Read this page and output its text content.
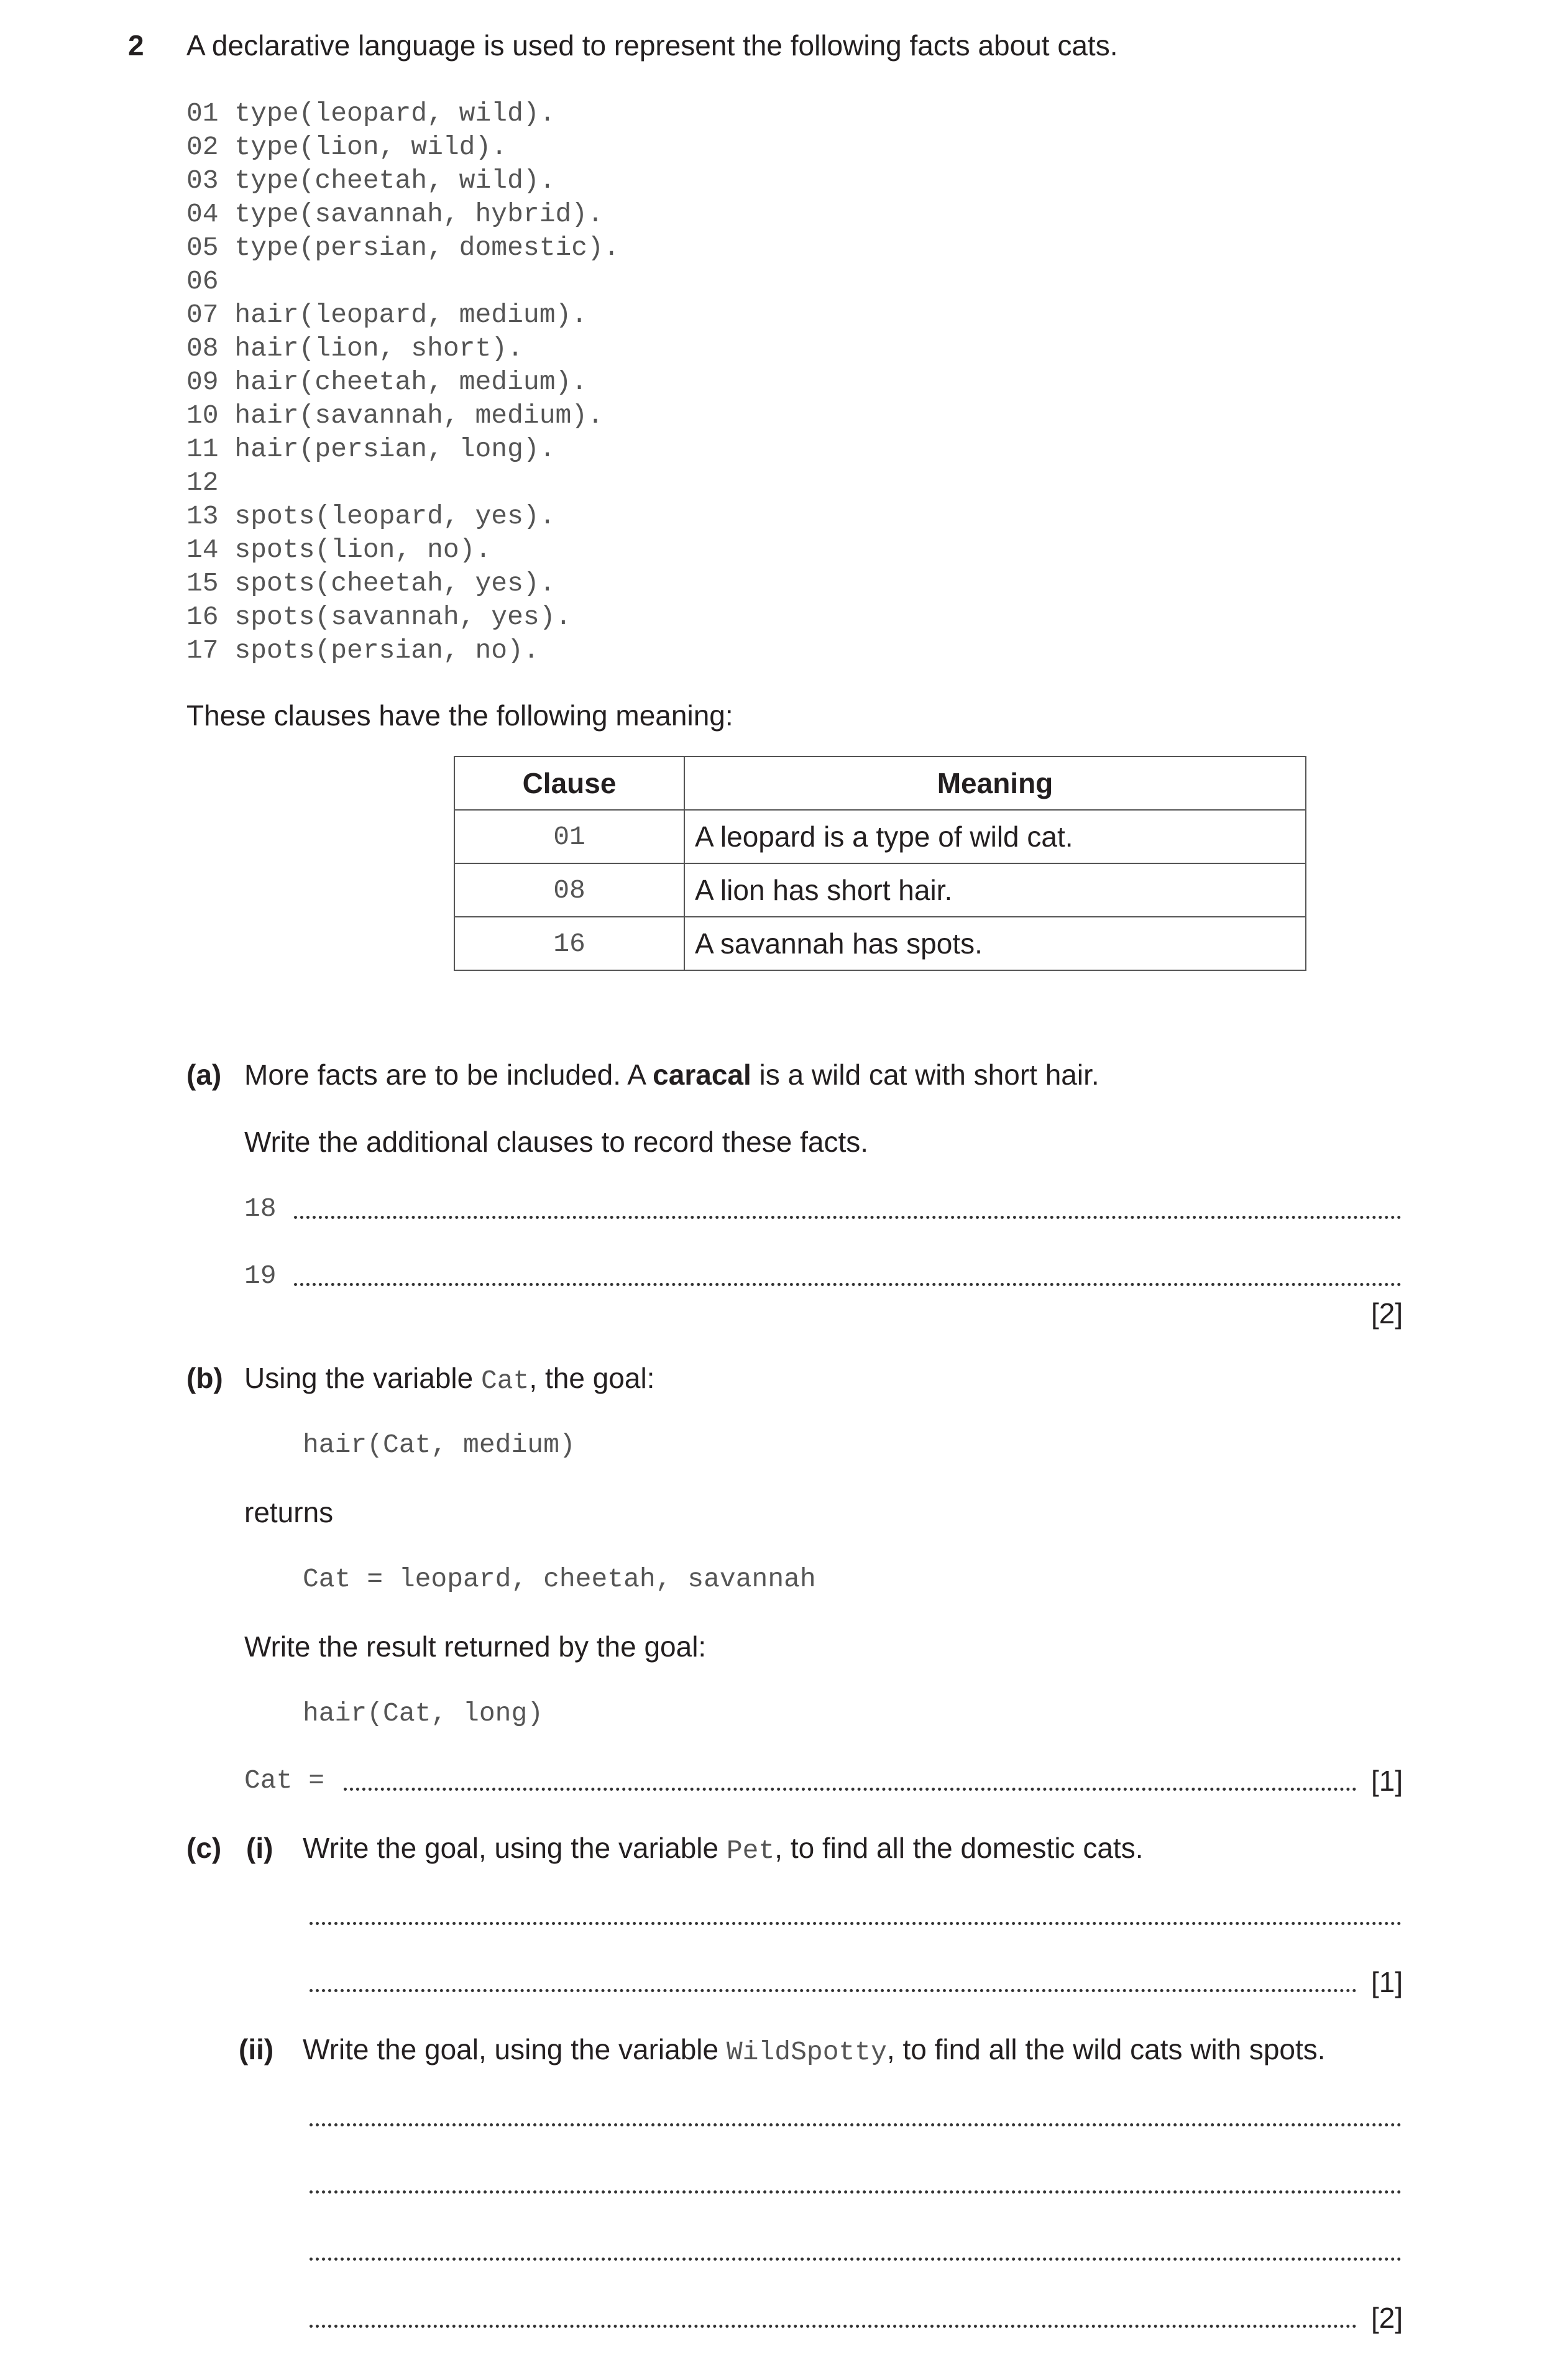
2 A declarative language is used to represent the following facts about cats.
01 type(leopard, wild).
02 type(lion, wild).
03 type(cheetah, wild).
04 type(savannah, hybrid).
05 type(persian, domestic).
06
07 hair(leopard, medium).
08 hair(lion, short).
09 hair(cheetah, medium).
10 hair(savannah, medium).
11 hair(persian, long).
12
13 spots(leopard, yes).
14 spots(lion, no).
15 spots(cheetah, yes).
16 spots(savannah, yes).
17 spots(persian, no).
These clauses have the following meaning:
Clause	Meaning
01	A leopard is a type of wild cat.
08	A lion has short hair.
16	A savannah has spots.
(a) More facts are to be included. A caracal is a wild cat with short hair.
Write the additional clauses to record these facts.
18
19
[2]
(b) Using the variable Cat, the goal:
hair(Cat, medium)
returns
Cat = leopard, cheetah, savannah
Write the result returned by the goal:
hair(Cat, long)
Cat =	[1]
(c) (i) Write the goal, using the variable Pet, to find all the domestic cats.
[1]
(ii) Write the goal, using the variable WildSpotty, to find all the wild cats with spots.
[2]
